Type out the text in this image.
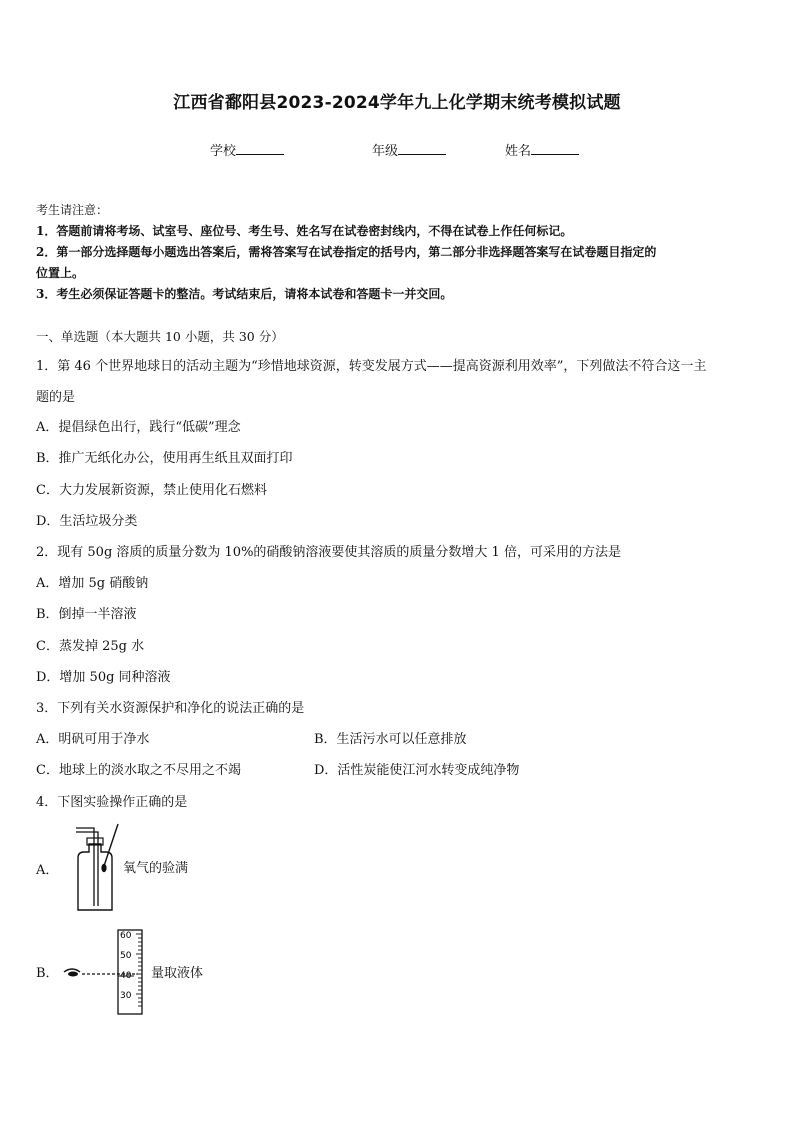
江西省鄱阳县2023-2024学年九上化学期末统考模拟试题
学校	年级	姓名
考生请注意：
1．答题前请将考场、试室号、座位号、考生号、姓名写在试卷密封线内，不得在试卷上作任何标记。
2．第一部分选择题每小题选出答案后，需将答案写在试卷指定的括号内，第二部分非选择题答案写在试卷题目指定的
位置上。
3．考生必须保证答题卡的整洁。考试结束后，请将本试卷和答题卡一并交回。
一、单选题（本大题共 10 小题，共 30 分）
1．第 46 个世界地球日的活动主题为“珍惜地球资源，转变发展方式——提高资源利用效率”，下列做法不符合这一主
题的是
A．提倡绿色出行，践行“低碳”理念
B．推广无纸化办公，使用再生纸且双面打印
C．大力发展新资源，禁止使用化石燃料
D．生活垃圾分类
2．现有 50g 溶质的质量分数为 10%的硝酸钠溶液要使其溶质的质量分数增大 1 倍，可采用的方法是
A．增加 5g 硝酸钠
B．倒掉一半溶液
C．蒸发掉 25g 水
D．增加 50g 同种溶液
3．下列有关水资源保护和净化的说法正确的是
A．明矾可用于净水	B．生活污水可以任意排放
C．地球上的淡水取之不尽用之不竭	D．活性炭能使江河水转变成纯净物
4．下图实验操作正确的是
A．	氧气的验满
B．
60
50
40
30
量取液体
